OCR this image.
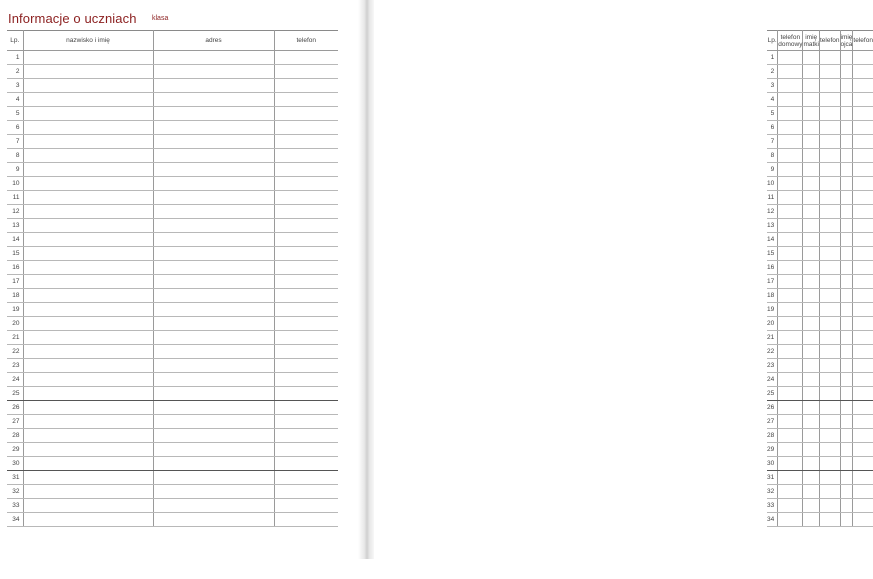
Informacje o uczniach klasa
Lp.	nazwisko i imię	adres	telefon
1			
2			
3			
4			
5			
6			
7			
8			
9			
10			
11			
12			
13			
14			
15			
16			
17			
18			
19			
20			
21			
22			
23			
24			
25			
26			
27			
28			
29			
30			
31			
32			
33			
34			
Lp.	telefon domowy	imię matki	telefon	imię ojca	telefon
1					
2					
3					
4					
5					
6					
7					
8					
9					
10					
11					
12					
13					
14					
15					
16					
17					
18					
19					
20					
21					
22					
23					
24					
25					
26					
27					
28					
29					
30					
31					
32					
33					
34					
